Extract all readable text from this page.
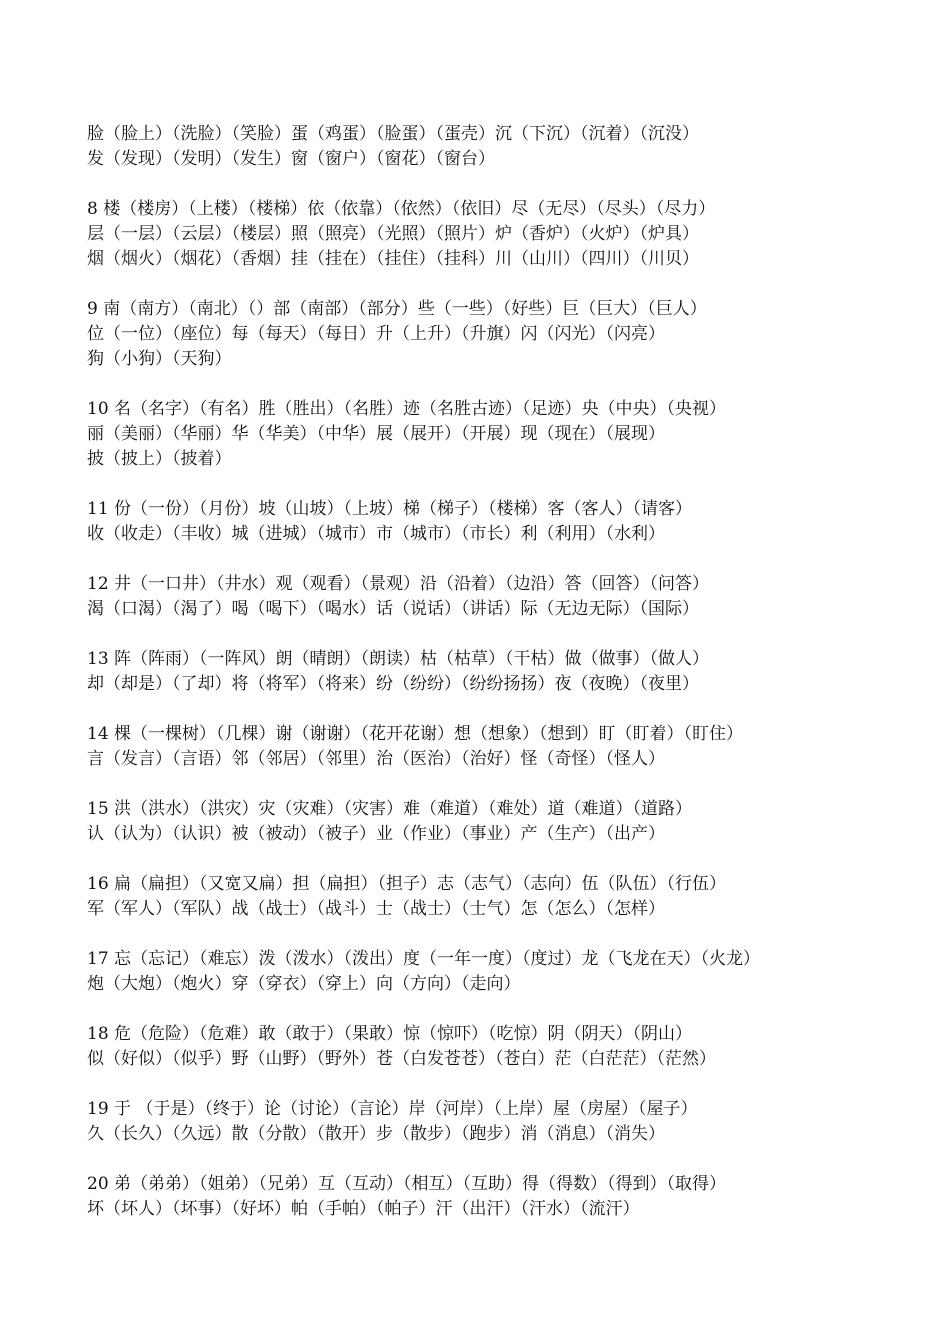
脸（脸上）（洗脸）（笑脸）蛋（鸡蛋）（脸蛋）（蛋壳）沉（下沉）（沉着）（沉没）
发（发现）（发明）（发生）窗（窗户）（窗花）（窗台）
8 楼（楼房）（上楼）（楼梯）依（依靠）（依然）（依旧）尽（无尽）（尽头）（尽力）
层（一层）（云层）（楼层）照（照亮）（光照）（照片）炉（香炉）（火炉）（炉具）
烟（烟火）（烟花）（香烟）挂（挂在）（挂住）（挂科）川（山川）（四川）（川贝）
9 南（南方）（南北）（）部（南部）（部分）些（一些）（好些）巨（巨大）（巨人）
位（一位）（座位）每（每天）（每日）升（上升）（升旗）闪（闪光）（闪亮）
狗（小狗）（天狗）
10 名（名字）（有名）胜（胜出）（名胜）迹（名胜古迹）（足迹）央（中央）（央视）
丽（美丽）（华丽）华（华美）（中华）展（展开）（开展）现（现在）（展现）
披（披上）（披着）
11 份（一份）（月份）坡（山坡）（上坡）梯（梯子）（楼梯）客（客人）（请客）
收（收走）（丰收）城（进城）（城市）市（城市）（市长）利（利用）（水利）
12 井（一口井）（井水）观（观看）（景观）沿（沿着）（边沿）答（回答）（问答）
渴（口渴）（渴了）喝（喝下）（喝水）话（说话）（讲话）际（无边无际）（国际）
13 阵（阵雨）（一阵风）朗（晴朗）（朗读）枯（枯草）（干枯）做（做事）（做人）
却（却是）（了却）将（将军）（将来）纷（纷纷）（纷纷扬扬）夜（夜晚）（夜里）
14 棵（一棵树）（几棵）谢（谢谢）（花开花谢）想（想象）（想到）盯（盯着）（盯住）
言（发言）（言语）邻（邻居）（邻里）治（医治）（治好）怪（奇怪）（怪人）
15 洪（洪水）（洪灾）灾（灾难）（灾害）难（难道）（难处）道（难道）（道路）
认（认为）（认识）被（被动）（被子）业（作业）（事业）产（生产）（出产）
16 扁（扁担）（又宽又扁）担（扁担）（担子）志（志气）（志向）伍（队伍）（行伍）
军（军人）（军队）战（战士）（战斗）士（战士）（士气）怎（怎么）（怎样）
17 忘（忘记）（难忘）泼（泼水）（泼出）度（一年一度）（度过）龙（飞龙在天）（火龙）
炮（大炮）（炮火）穿（穿衣）（穿上）向（方向）（走向）
18 危（危险）（危难）敢（敢于）（果敢）惊（惊吓）（吃惊）阴（阴天）（阴山）
似（好似）（似乎）野（山野）（野外）苍（白发苍苍）（苍白）茫（白茫茫）（茫然）
19 于 （于是）（终于）论（讨论）（言论）岸（河岸）（上岸）屋（房屋）（屋子）
久（长久）（久远）散（分散）（散开）步（散步）（跑步）消（消息）（消失）
20 弟（弟弟）（姐弟）（兄弟）互（互动）（相互）（互助）得（得数）（得到）（取得）
坏（坏人）（坏事）（好坏）帕（手帕）（帕子）汗（出汗）（汗水）（流汗）
